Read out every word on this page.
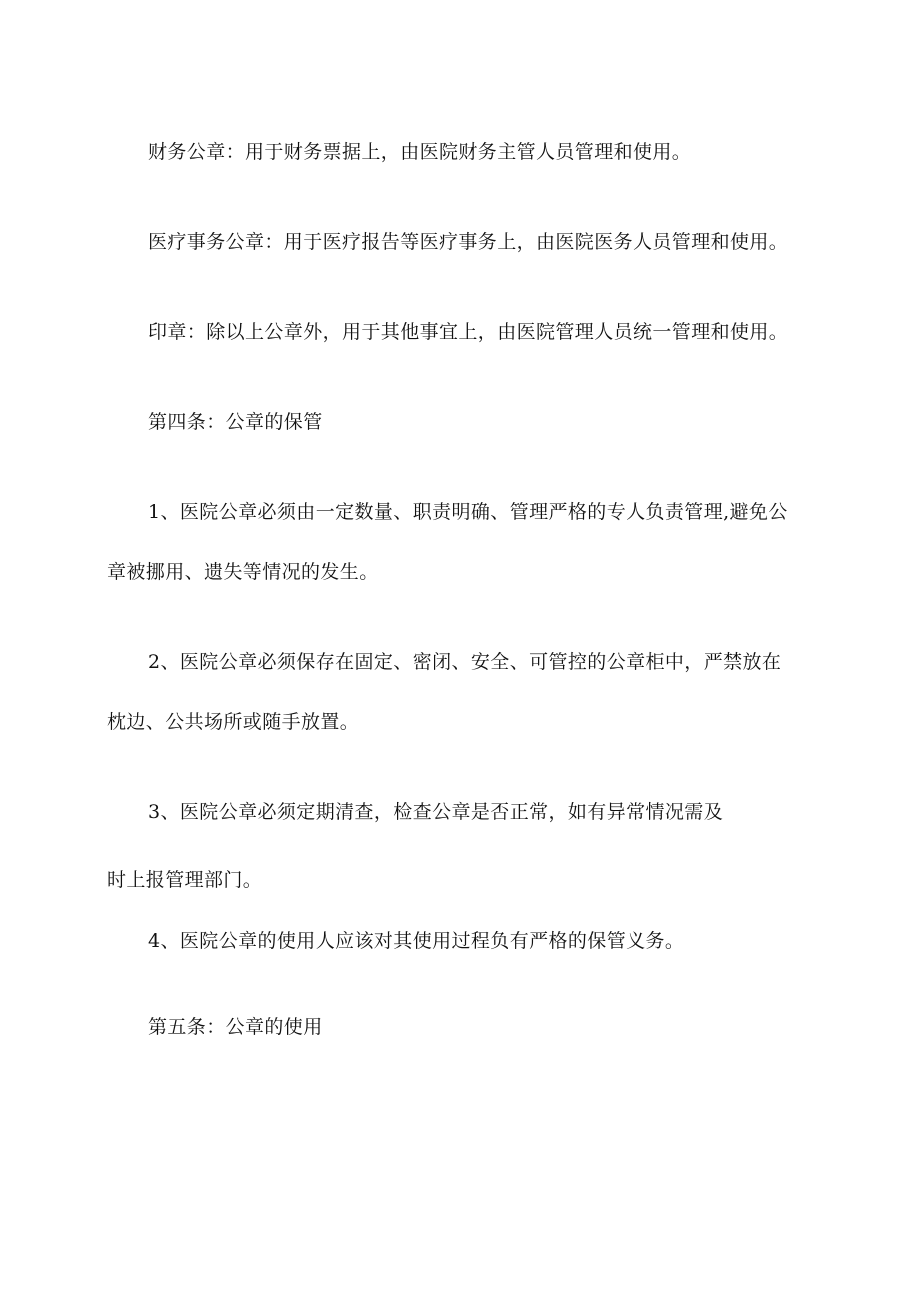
财务公章：用于财务票据上，由医院财务主管人员管理和使用。
医疗事务公章：用于医疗报告等医疗事务上，由医院医务人员管理和使用。
印章：除以上公章外，用于其他事宜上，由医院管理人员统一管理和使用。
第四条：公章的保管
1、医院公章必须由一定数量、职责明确、管理严格的专人负责管理,避免公
章被挪用、遗失等情况的发生。
2、医院公章必须保存在固定、密闭、安全、可管控的公章柜中，严禁放在
枕边、公共场所或随手放置。
3、医院公章必须定期清查，检查公章是否正常，如有异常情况需及
时上报管理部门。
4、医院公章的使用人应该对其使用过程负有严格的保管义务。
第五条：公章的使用
